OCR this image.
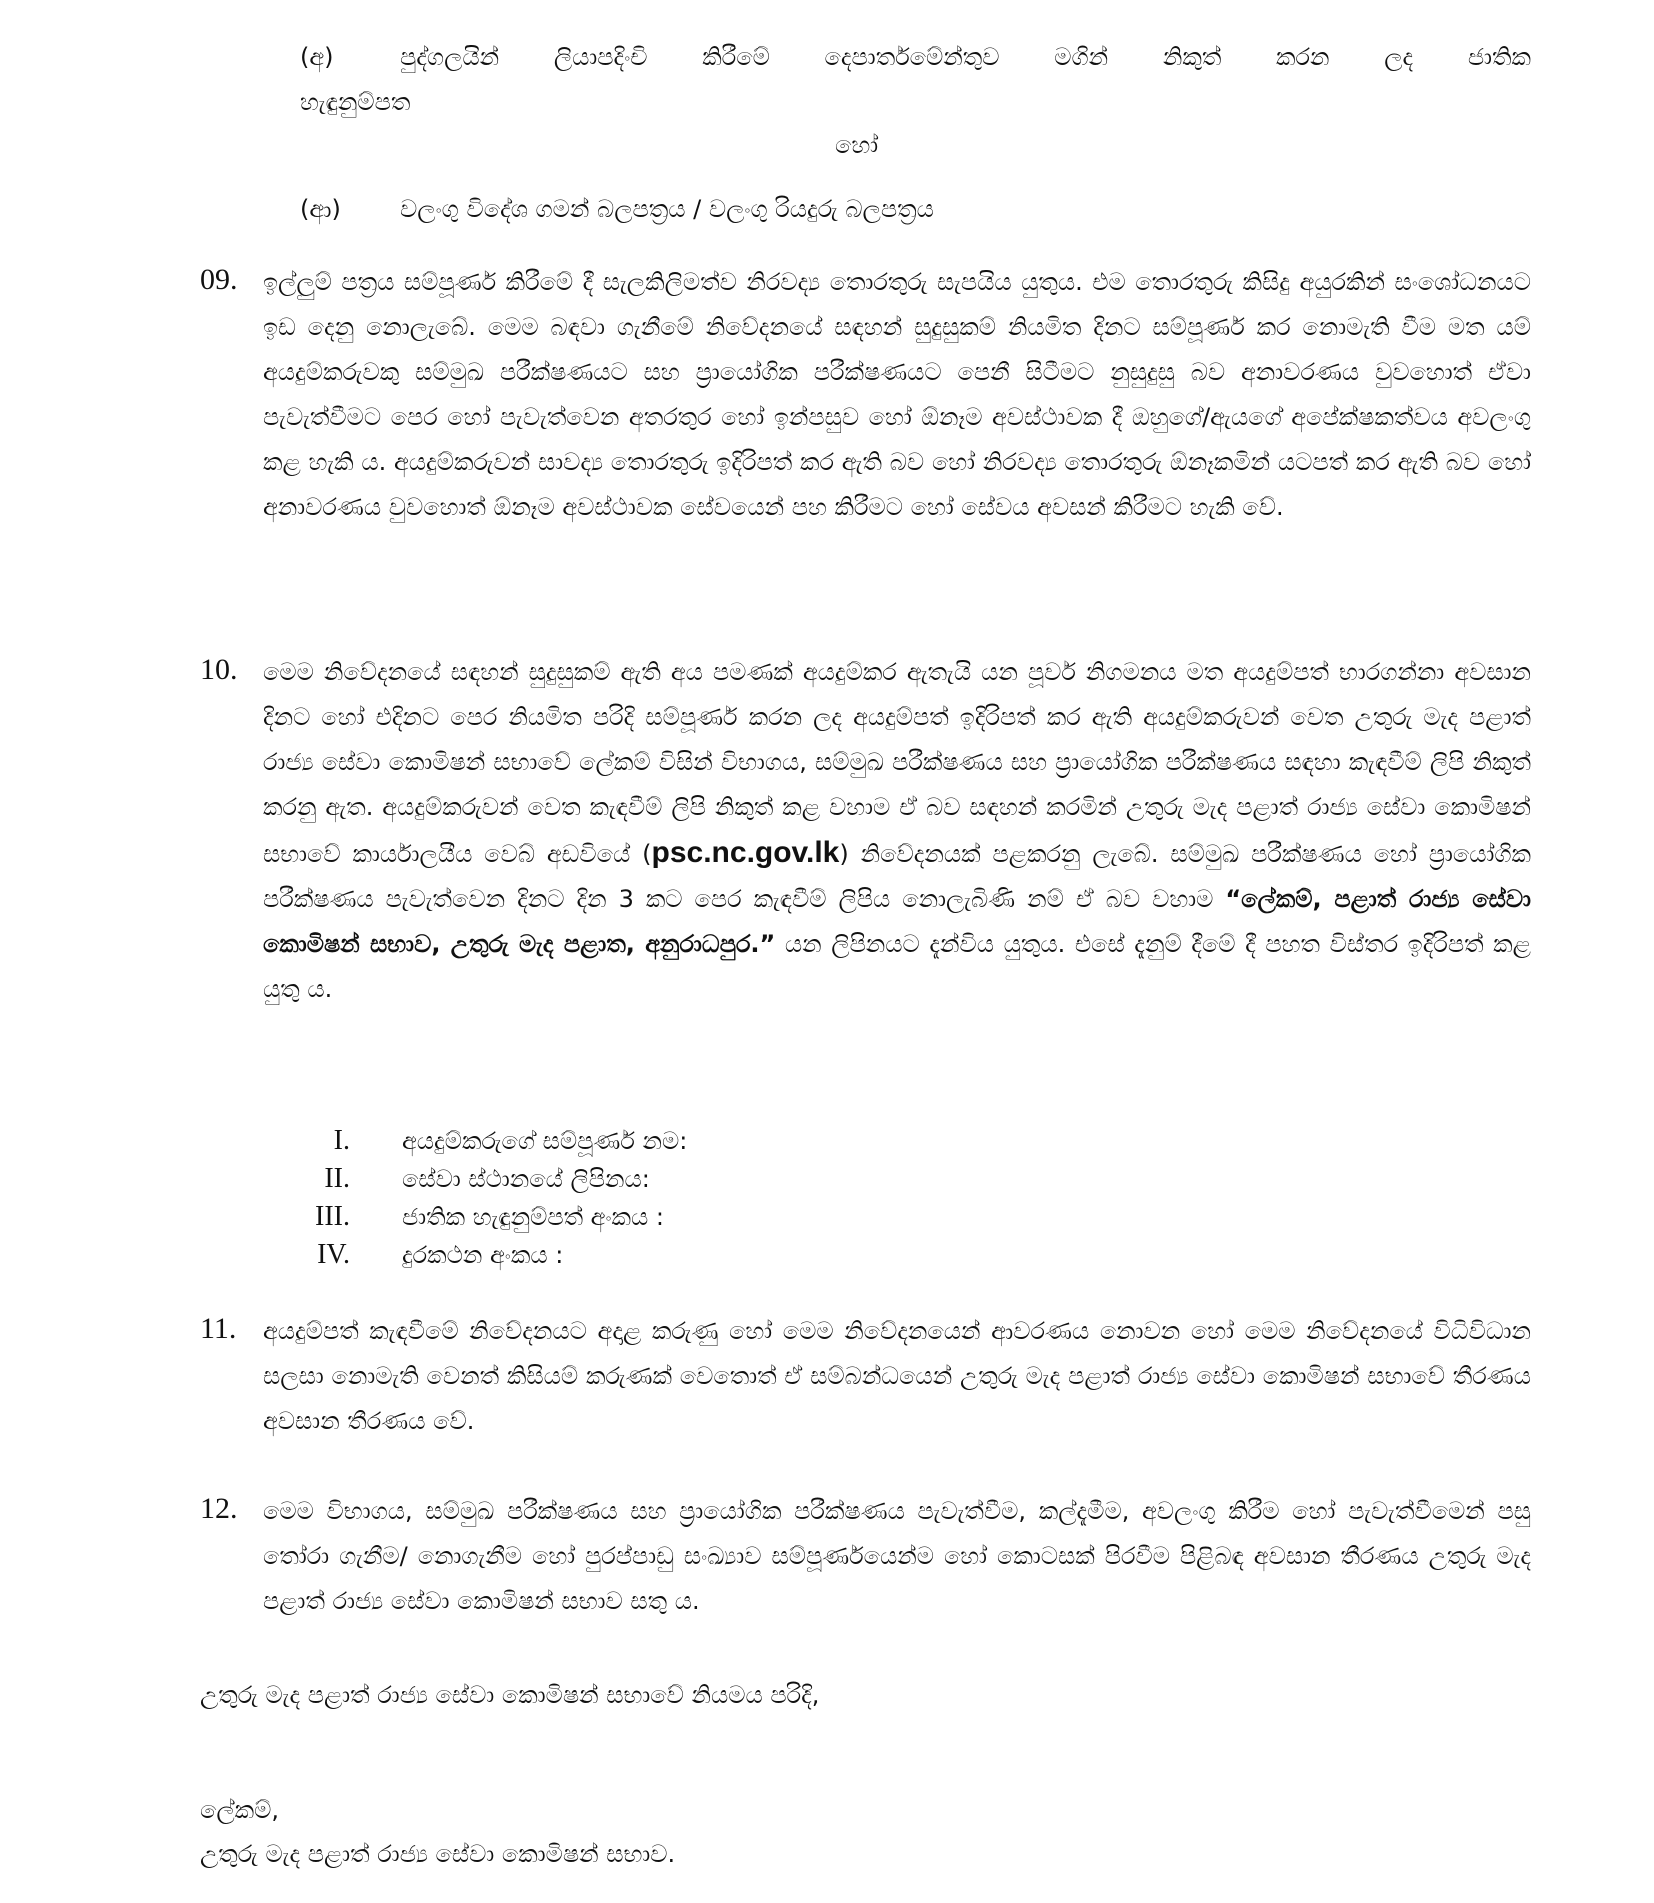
(අ)	පුද්ගලයින් ලියාපදිංචි කිරීමේ දෙපාර්තමේන්තුව මගින් නිකුත් කරන ලද ජාතික
හැඳුනුම්පත
හෝ
(ආ) වලංගු විදේශ ගමන් බලපත්‍රය / වලංගු රියදුරු බලපත්‍රය
09. ඉල්ලුම් පත්‍රය සම්පූර්ණ කිරීමේ දී සැලකිලිමත්ව නිරවද්‍ය තොරතුරු සැපයිය යුතුය. එම තොරතුරු කිසිදු අයුරකින් සංශෝධනයට ඉඩ දෙනු නොලැබේ. මෙම බඳවා ගැනීමේ නිවේදනයේ සඳහන් සුදුසුකම් නියමිත දිනට සම්පූර්ණ කර නොමැති වීම මත යම් අයදුම්කරුවකු සම්මුඛ පරීක්ෂණයට සහ ප්‍රායෝගික පරීක්ෂණයට පෙනී සිටීමට නුසුදුසු බව අනාවරණය වුවහොත් ඒවා පැවැත්වීමට පෙර හෝ පැවැත්වෙන අතරතුර හෝ ඉන්පසුව හෝ ඕනෑම අවස්ථාවක දී ඔහුගේ/ඇයගේ අපේක්ෂකත්වය අවලංගු කළ හැකි ය. අයදුම්කරුවන් සාවද්‍ය තොරතුරු ඉදිරිපත් කර ඇති බව හෝ නිරවද්‍ය තොරතුරු ඕනෑකමින් යටපත් කර ඇති බව හෝ අනාවරණය වුවහොත් ඕනෑම අවස්ථාවක සේවයෙන් පහ කිරීමට හෝ සේවය අවසන් කිරීමට හැකි වේ.

10. මෙම නිවේදනයේ සඳහන් සුදුසුකම් ඇති අය පමණක් අයදුම්කර ඇතැයි යන පූර්ව නිගමනය මත අයදුම්පත් භාරගන්නා අවසාන දිනට හෝ එදිනට පෙර නියමිත පරිදි සම්පූර්ණ කරන ලද අයදුම්පත් ඉදිරිපත් කර ඇති අයදුම්කරුවන් වෙත උතුරු මැද පළාත් රාජ්‍ය සේවා කොමිෂන් සභාවේ ලේකම් විසින් විභාගය, සම්මුඛ පරීක්ෂණය සහ ප්‍රායෝගික පරීක්ෂණය සඳහා කැඳවීම් ලිපි නිකුත් කරනු ඇත. අයදුම්කරුවන් වෙත කැඳවීම් ලිපි නිකුත් කළ වහාම ඒ බව සඳහන් කරමින් උතුරු මැද පළාත් රාජ්‍ය සේවා කොමිෂන් සභාවේ කාර්යාලයීය වෙබ් අඩවියේ (psc.nc.gov.lk) නිවේදනයක් පළකරනු ලැබේ. සම්මුඛ පරීක්ෂණය හෝ ප්‍රායෝගික පරීක්ෂණය පැවැත්වෙන දිනට දින 3 කට පෙර කැඳවීම් ලිපිය නොලැබිණි නම් ඒ බව වහාම “ලේකම්, පළාත් රාජ්‍ය සේවා කොමිෂන් සභාව, උතුරු මැද පළාත, අනුරාධපුර.” යන ලිපිනයට දැන්විය යුතුය. එසේ දැනුම් දීමේ දී පහත විස්තර ඉදිරිපත් කළ යුතු ය.

I. අයදුම්කරුගේ සම්පූර්ණ නම:
II. සේවා ස්ථානයේ ලිපිනය:
III. ජාතික හැඳුනුම්පත් අංකය :
IV. දුරකථන අංකය :
11. අයදුම්පත් කැඳවීමේ නිවේදනයට අදාළ කරුණු හෝ මෙම නිවේදනයෙන් ආවරණය නොවන හෝ මෙම නිවේදනයේ විධිවිධාන සලසා නොමැති වෙනත් කිසියම් කරුණක් වෙතොත් ඒ සම්බන්ධයෙන් උතුරු මැද පළාත් රාජ්‍ය සේවා කොමිෂන් සභාවේ තීරණය අවසාන තීරණය වේ.

12. මෙම විභාගය, සම්මුඛ පරීක්ෂණය සහ ප්‍රායෝගික පරීක්ෂණය පැවැත්වීම, කල්දැමීම, අවලංගු කිරීම හෝ පැවැත්වීමෙන් පසු තෝරා ගැනීම/ නොගැනීම හෝ පුරප්පාඩු සංඛ්‍යාව සම්පූර්ණයෙන්ම හෝ කොටසක් පිරවීම පිළිබඳ අවසාන තීරණය උතුරු මැද පළාත් රාජ්‍ය සේවා කොමිෂන් සභාව සතු ය.

උතුරු මැද පළාත් රාජ්‍ය සේවා කොමිෂන් සභාවේ නියමය පරිදි,
ලේකම්,
උතුරු මැද පළාත් රාජ්‍ය සේවා කොමිෂන් සභාව.
